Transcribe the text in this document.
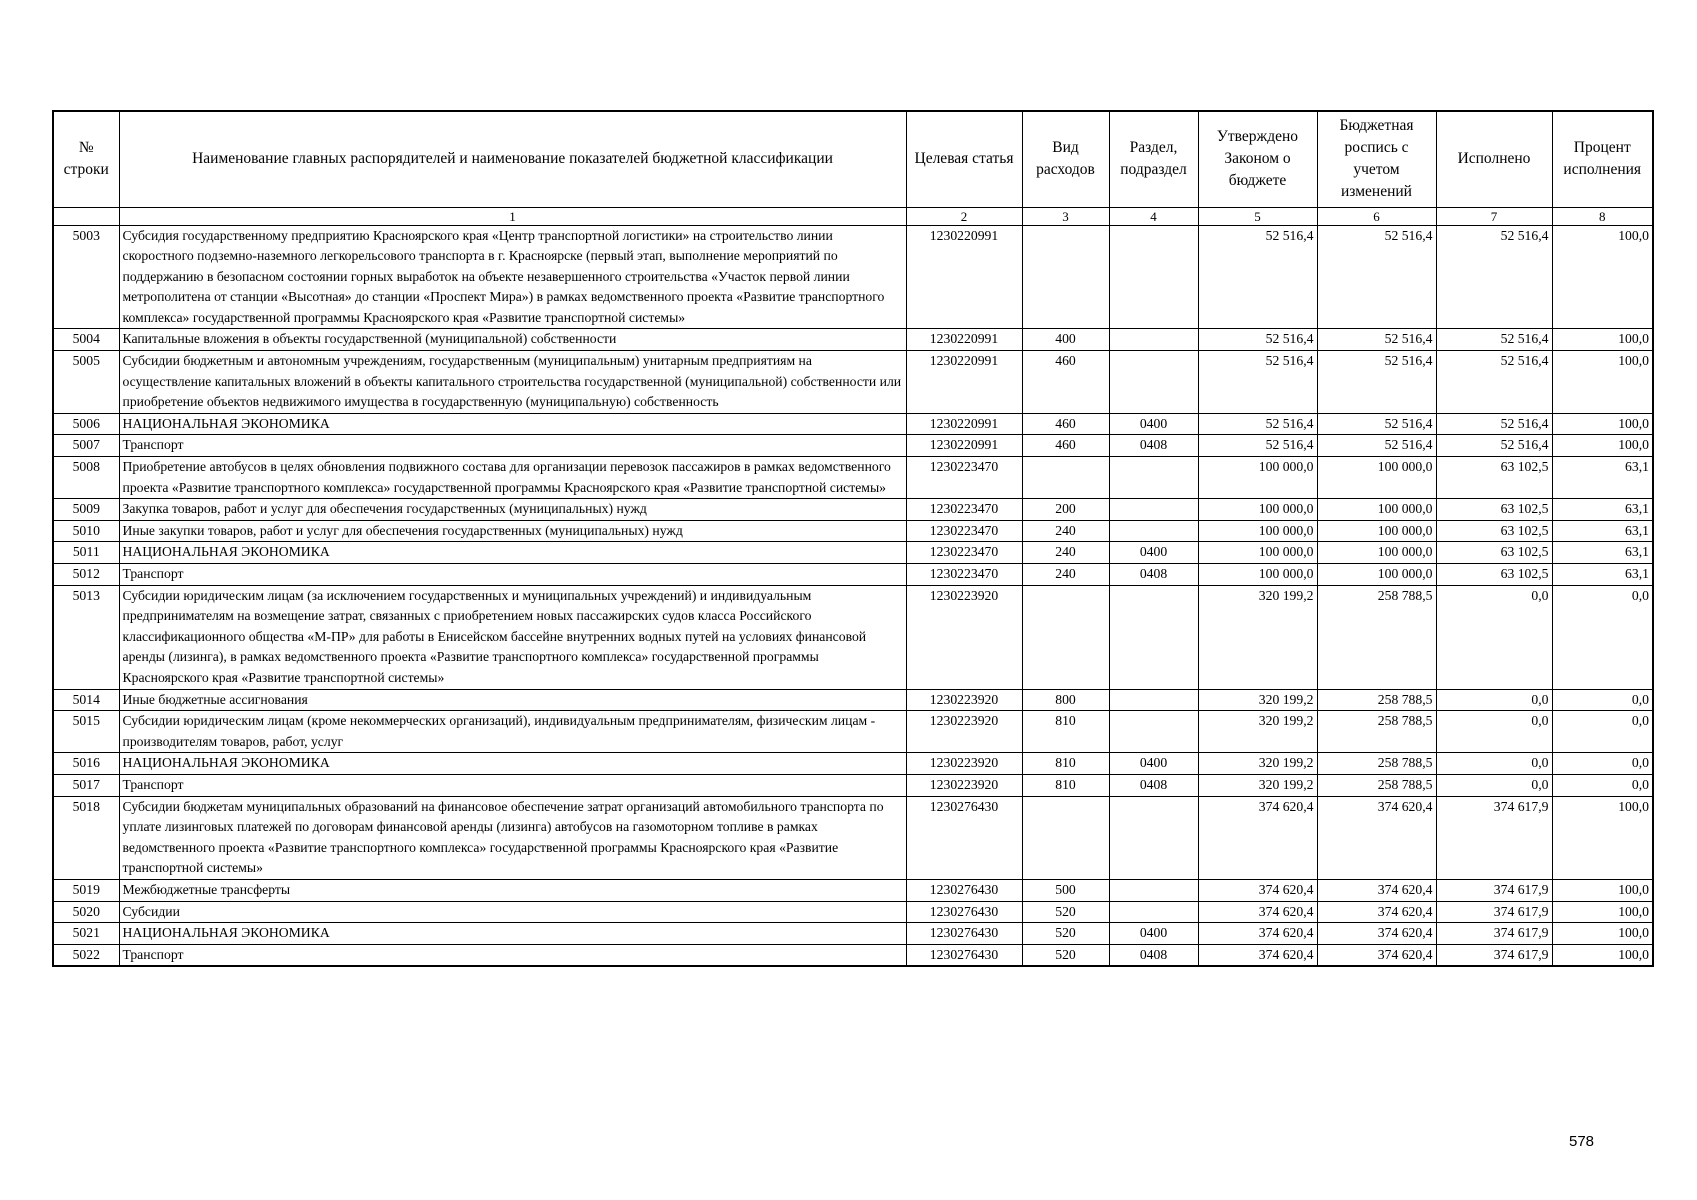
№ строки	Наименование главных распорядителей и наименование показателей бюджетной классификации	Целевая статья	Вид расходов	Раздел, подраздел	Утверждено Законом о бюджете	Бюджетная роспись с учетом изменений	Исполнено	Процент исполнения
	1	2	3	4	5	6	7	8
5003	Субсидия государственному предприятию Красноярского края «Центр транспортной логистики» на строительство линии скоростного подземно-наземного легкорельсового транспорта в г. Красноярске (первый этап, выполнение мероприятий по поддержанию в безопасном состоянии горных выработок на объекте незавершенного строительства «Участок первой линии метрополитена от станции «Высотная» до станции «Проспект Мира») в рамках ведомственного проекта «Развитие транспортного комплекса» государственной программы Красноярского края «Развитие транспортной системы»	1230220991			52 516,4	52 516,4	52 516,4	100,0
5004	Капитальные вложения в объекты государственной (муниципальной) собственности	1230220991	400		52 516,4	52 516,4	52 516,4	100,0
5005	Субсидии бюджетным и автономным учреждениям, государственным (муниципальным) унитарным предприятиям на осуществление капитальных вложений в объекты капитального строительства государственной (муниципальной) собственности или приобретение объектов недвижимого имущества в государственную (муниципальную) собственность	1230220991	460		52 516,4	52 516,4	52 516,4	100,0
5006	НАЦИОНАЛЬНАЯ ЭКОНОМИКА	1230220991	460	0400	52 516,4	52 516,4	52 516,4	100,0
5007	Транспорт	1230220991	460	0408	52 516,4	52 516,4	52 516,4	100,0
5008	Приобретение автобусов в целях обновления подвижного состава для организации перевозок пассажиров в рамках ведомственного проекта «Развитие транспортного комплекса» государственной программы Красноярского края «Развитие транспортной системы»	1230223470			100 000,0	100 000,0	63 102,5	63,1
5009	Закупка товаров, работ и услуг для обеспечения государственных (муниципальных) нужд	1230223470	200		100 000,0	100 000,0	63 102,5	63,1
5010	Иные закупки товаров, работ и услуг для обеспечения государственных (муниципальных) нужд	1230223470	240		100 000,0	100 000,0	63 102,5	63,1
5011	НАЦИОНАЛЬНАЯ ЭКОНОМИКА	1230223470	240	0400	100 000,0	100 000,0	63 102,5	63,1
5012	Транспорт	1230223470	240	0408	100 000,0	100 000,0	63 102,5	63,1
5013	Субсидии юридическим лицам (за исключением государственных и муниципальных учреждений) и индивидуальным предпринимателям на возмещение затрат, связанных с приобретением новых пассажирских судов класса Российского классификационного общества «М-ПР» для работы в Енисейском бассейне внутренних водных путей на условиях финансовой аренды (лизинга), в рамках ведомственного проекта «Развитие транспортного комплекса» государственной программы Красноярского края «Развитие транспортной системы»	1230223920			320 199,2	258 788,5	0,0	0,0
5014	Иные бюджетные ассигнования	1230223920	800		320 199,2	258 788,5	0,0	0,0
5015	Субсидии юридическим лицам (кроме некоммерческих организаций), индивидуальным предпринимателям, физическим лицам - производителям товаров, работ, услуг	1230223920	810		320 199,2	258 788,5	0,0	0,0
5016	НАЦИОНАЛЬНАЯ ЭКОНОМИКА	1230223920	810	0400	320 199,2	258 788,5	0,0	0,0
5017	Транспорт	1230223920	810	0408	320 199,2	258 788,5	0,0	0,0
5018	Субсидии бюджетам муниципальных образований на финансовое обеспечение затрат организаций автомобильного транспорта по уплате лизинговых платежей по договорам финансовой аренды (лизинга) автобусов на газомоторном топливе в рамках ведомственного проекта «Развитие транспортного комплекса» государственной программы Красноярского края «Развитие транспортной системы»	1230276430			374 620,4	374 620,4	374 617,9	100,0
5019	Межбюджетные трансферты	1230276430	500		374 620,4	374 620,4	374 617,9	100,0
5020	Субсидии	1230276430	520		374 620,4	374 620,4	374 617,9	100,0
5021	НАЦИОНАЛЬНАЯ ЭКОНОМИКА	1230276430	520	0400	374 620,4	374 620,4	374 617,9	100,0
5022	Транспорт	1230276430	520	0408	374 620,4	374 620,4	374 617,9	100,0
578
